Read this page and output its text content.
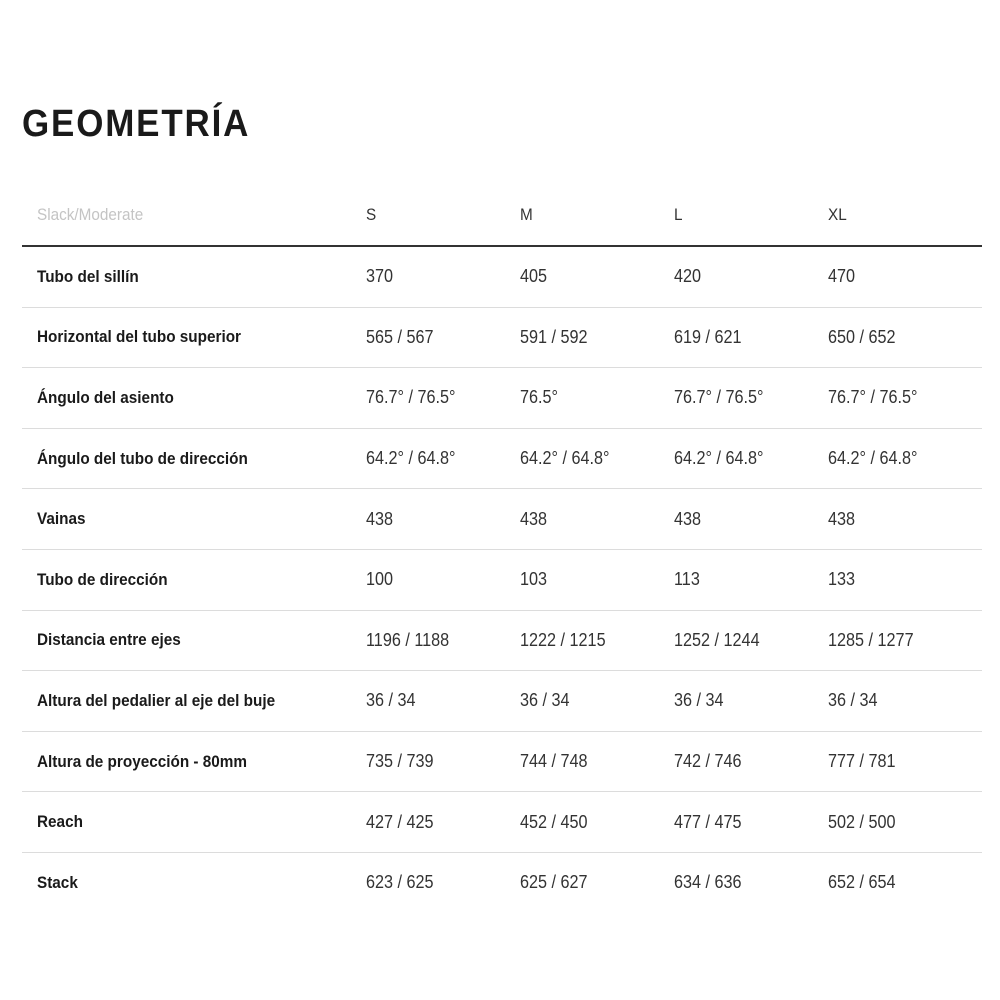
GEOMETRÍA
Slack/Moderate	S	M	L	XL
Tubo del sillín	370	405	420	470
Horizontal del tubo superior	565 / 567	591 / 592	619 / 621	650 / 652
Ángulo del asiento	76.7° / 76.5°	76.5°	76.7° / 76.5°	76.7° / 76.5°
Ángulo del tubo de dirección	64.2° / 64.8°	64.2° / 64.8°	64.2° / 64.8°	64.2° / 64.8°
Vainas	438	438	438	438
Tubo de dirección	100	103	113	133
Distancia entre ejes	1196 / 1188	1222 / 1215	1252 / 1244	1285 / 1277
Altura del pedalier al eje del buje	36 / 34	36 / 34	36 / 34	36 / 34
Altura de proyección - 80mm	735 / 739	744 / 748	742 / 746	777 / 781
Reach	427 / 425	452 / 450	477 / 475	502 / 500
Stack	623 / 625	625 / 627	634 / 636	652 / 654
